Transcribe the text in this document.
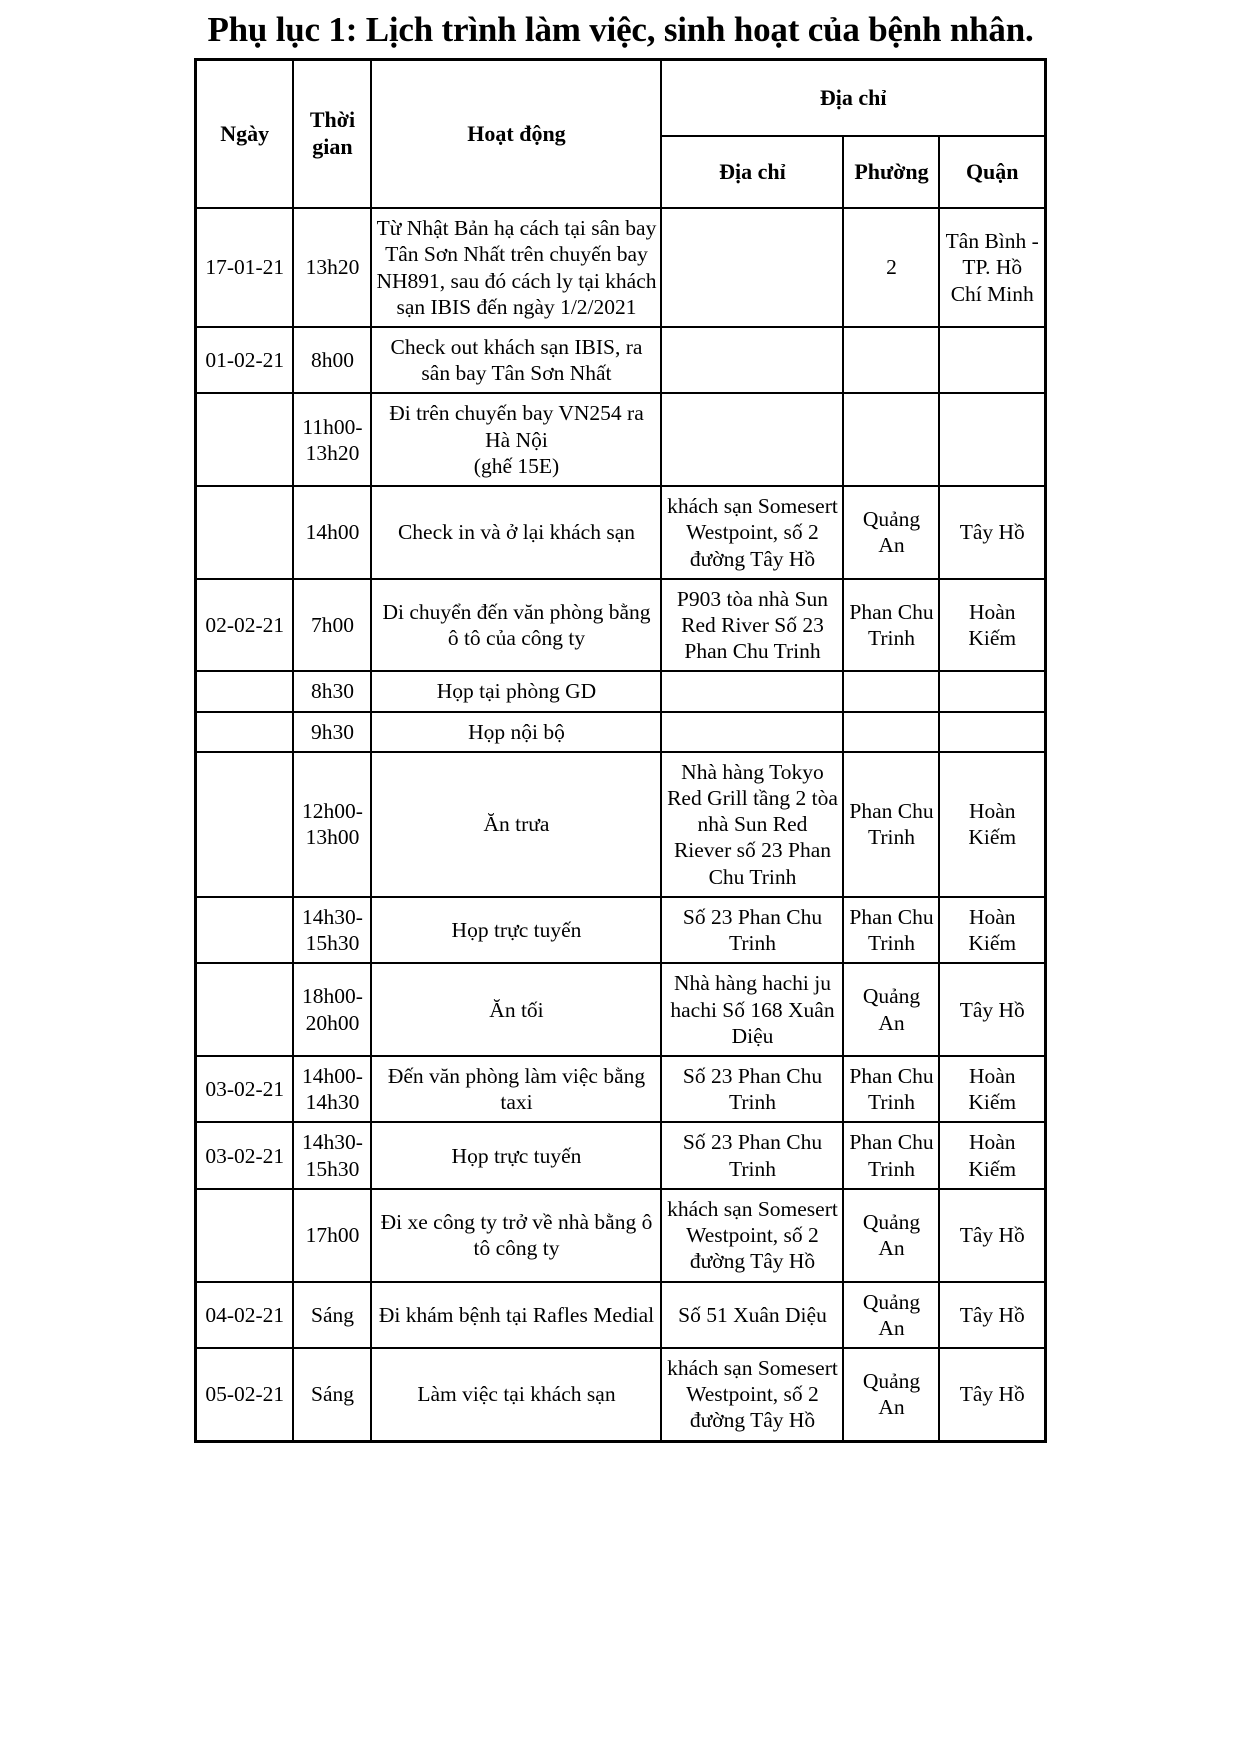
Phụ lục 1: Lịch trình làm việc, sinh hoạt của bệnh nhân.
Ngày	Thời gian	Hoạt động	Địa chỉ		
			Địa chỉ	Phường	Quận
17-01-21	13h20	Từ Nhật Bản hạ cách tại sân bay Tân Sơn Nhất trên chuyến bay NH891, sau đó cách ly tại khách sạn IBIS đến ngày 1/2/2021		2	Tân Bình - TP. Hồ Chí Minh
01-02-21	8h00	Check out khách sạn IBIS, ra sân bay Tân Sơn Nhất			
	11h00-13h20	Đi trên chuyến bay VN254 ra Hà Nội
(ghế 15E)			
	14h00	Check in và ở lại khách sạn	khách sạn Somesert Westpoint, số 2 đường Tây Hồ	Quảng An	Tây Hồ
02-02-21	7h00	Di chuyển đến văn phòng bằng ô tô của công ty	P903 tòa nhà Sun Red River Số 23 Phan Chu Trinh	Phan Chu Trinh	Hoàn Kiếm
	8h30	Họp tại phòng GD			
	9h30	Họp nội bộ			
	12h00-13h00	Ăn trưa	Nhà hàng Tokyo Red Grill tầng 2 tòa nhà Sun Red Riever số 23 Phan Chu Trinh	Phan Chu Trinh	Hoàn Kiếm
	14h30-15h30	Họp trực tuyến	Số 23 Phan Chu Trinh	Phan Chu Trinh	Hoàn Kiếm
	18h00-20h00	Ăn tối	Nhà hàng hachi ju hachi Số 168 Xuân Diệu	Quảng An	Tây Hồ
03-02-21	14h00-14h30	Đến văn phòng làm việc bằng taxi	Số 23 Phan Chu Trinh	Phan Chu Trinh	Hoàn Kiếm
03-02-21	14h30-15h30	Họp trực tuyến	Số 23 Phan Chu Trinh	Phan Chu Trinh	Hoàn Kiếm
	17h00	Đi xe công ty trở về nhà bằng ô tô công ty	khách sạn Somesert Westpoint, số 2 đường Tây Hồ	Quảng An	Tây Hồ
04-02-21	Sáng	Đi khám bệnh tại Rafles Medial	Số 51 Xuân Diệu	Quảng An	Tây Hồ
05-02-21	Sáng	Làm việc tại khách sạn	khách sạn Somesert Westpoint, số 2 đường Tây Hồ	Quảng An	Tây Hồ
